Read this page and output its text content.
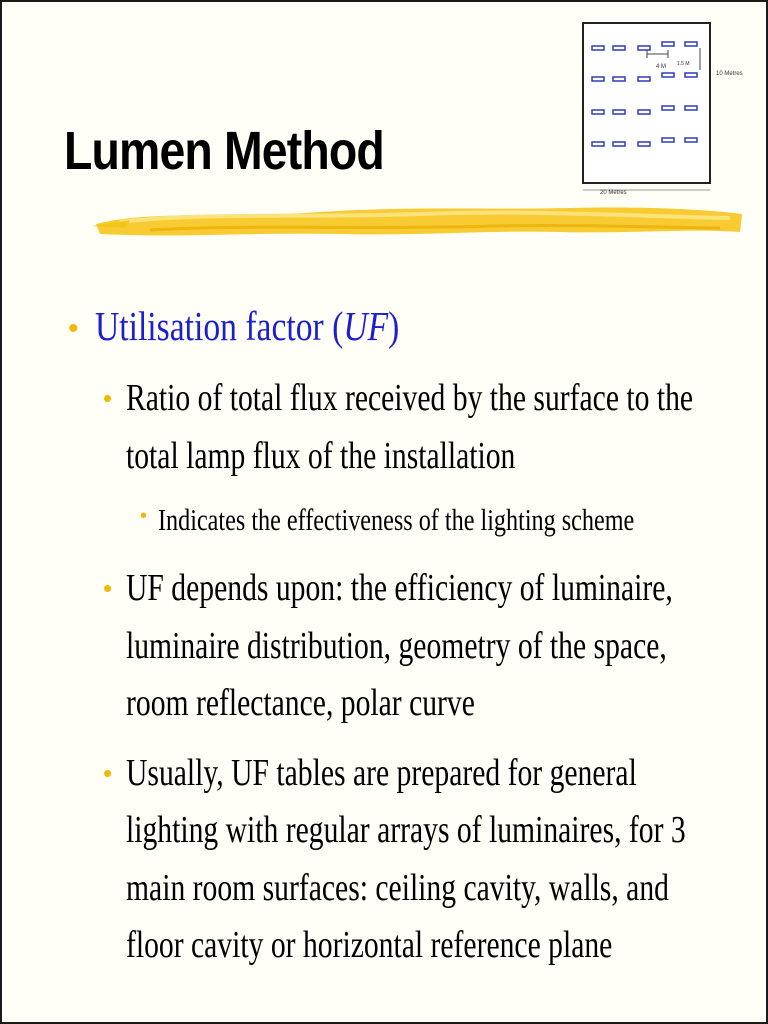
4 M 1.5 M
10 Metres
20 Metres
Lumen Method
• Utilisation factor (UF)
• Ratio of total flux received by the surface to the
total lamp flux of the installation
• Indicates the effectiveness of the lighting scheme
• UF depends upon: the efficiency of luminaire,
luminaire distribution, geometry of the space,
room reflectance, polar curve
• Usually, UF tables are prepared for general
lighting with regular arrays of luminaires, for 3
main room surfaces: ceiling cavity, walls, and
floor cavity or horizontal reference plane
